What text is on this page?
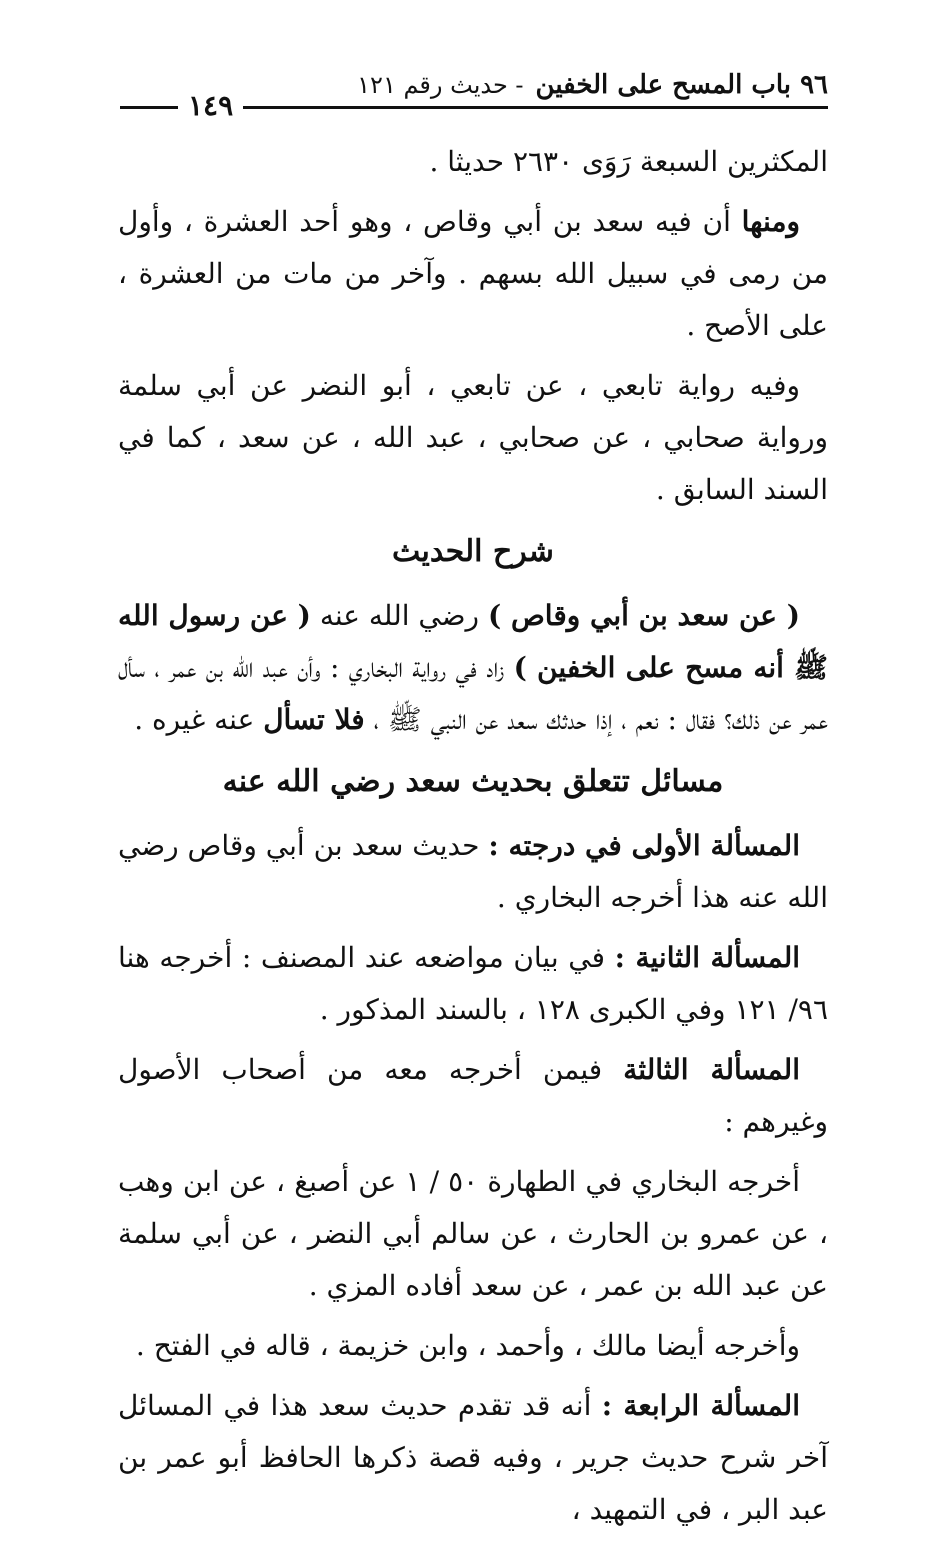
٩٦ باب المسح على الخفين- حديث رقم ١٢١
١٤٩

المكثرين السبعة رَوَى ٢٦٣٠ حديثا .

ومنها أن فيه سعد بن أبي وقاص ، وهو أحد العشرة ، وأول من رمى في سبيل الله بسهم . وآخر من مات من العشرة ، على الأصح .

وفيه رواية تابعي ، عن تابعي ، أبو النضر عن أبي سلمة ورواية صحابي ، عن صحابي ، عبد الله ، عن سعد ، كما في السند السابق .

شرح الحديث

( عن سعد بن أبي وقاص ) رضي الله عنه ( عن رسول الله ﷺ أنه مسح على الخفين ) زاد في رواية البخاري : وأن عبد الله بن عمر ، سأل عمر عن ذلك؟ فقال : نعم ، إذا حدثك سعد عن النبي ﷺ ، فلا تسأل عنه غيره .

مسائل تتعلق بحديث سعد رضي الله عنه

المسألة الأولى في درجته : حديث سعد بن أبي وقاص رضي الله عنه هذا أخرجه البخاري .

المسألة الثانية : في بيان مواضعه عند المصنف : أخرجه هنا ٩٦/ ١٢١ وفي الكبرى ١٢٨ ، بالسند المذكور .

المسألة الثالثة فيمن أخرجه معه من أصحاب الأصول وغيرهم :

أخرجه البخاري في الطهارة ٥٠ / ١ عن أصبغ ، عن ابن وهب ، عن عمرو بن الحارث ، عن سالم أبي النضر ، عن أبي سلمة عن عبد الله بن عمر ، عن سعد أفاده المزي .

وأخرجه أيضا مالك ، وأحمد ، وابن خزيمة ، قاله في الفتح .

المسألة الرابعة : أنه قد تقدم حديث سعد هذا في المسائل آخر شرح حديث جرير ، وفيه قصة ذكرها الحافظ أبو عمر بن عبد البر ، في التمهيد ،
